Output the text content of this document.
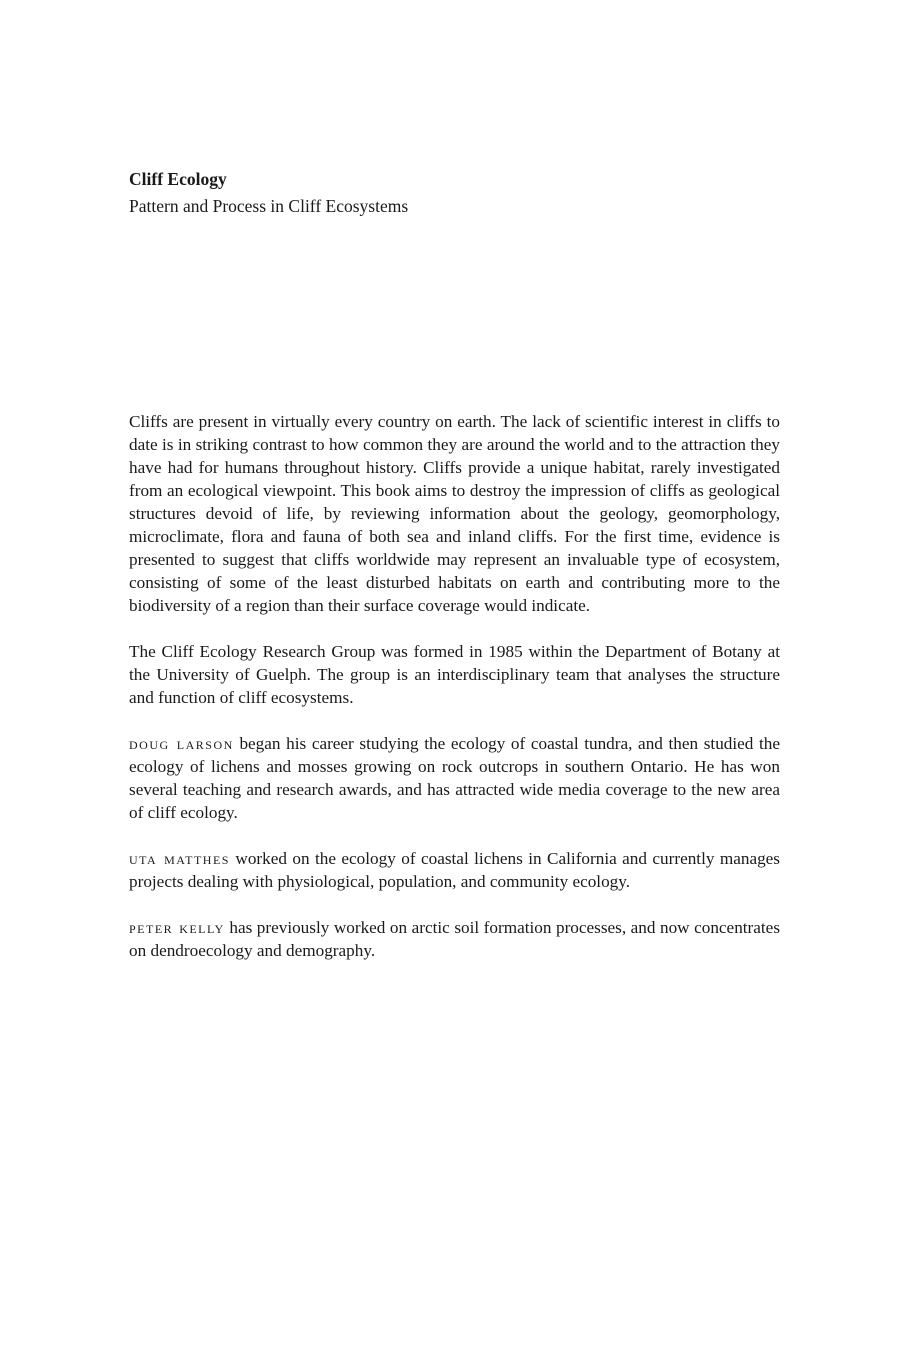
Cliff Ecology

Pattern and Process in Cliff Ecosystems

Cliffs are present in virtually every country on earth. The lack of scientific interest in cliffs to date is in striking contrast to how common they are around the world and to the attraction they have had for humans throughout history. Cliffs provide a unique habitat, rarely investigated from an ecological viewpoint. This book aims to destroy the impression of cliffs as geological structures devoid of life, by reviewing information about the geology, geomorphology, microclimate, flora and fauna of both sea and inland cliffs. For the first time, evidence is presented to suggest that cliffs worldwide may represent an invaluable type of ecosystem, consisting of some of the least disturbed habitats on earth and contributing more to the biodiversity of a region than their surface coverage would indicate.

The Cliff Ecology Research Group was formed in 1985 within the Department of Botany at the University of Guelph. The group is an interdisciplinary team that analyses the structure and function of cliff ecosystems.

doug larson began his career studying the ecology of coastal tundra, and then studied the ecology of lichens and mosses growing on rock outcrops in southern Ontario. He has won several teaching and research awards, and has attracted wide media coverage to the new area of cliff ecology.

uta matthes worked on the ecology of coastal lichens in California and currently manages projects dealing with physiological, population, and community ecology.

peter kelly has previously worked on arctic soil formation processes, and now concentrates on dendroecology and demography.
